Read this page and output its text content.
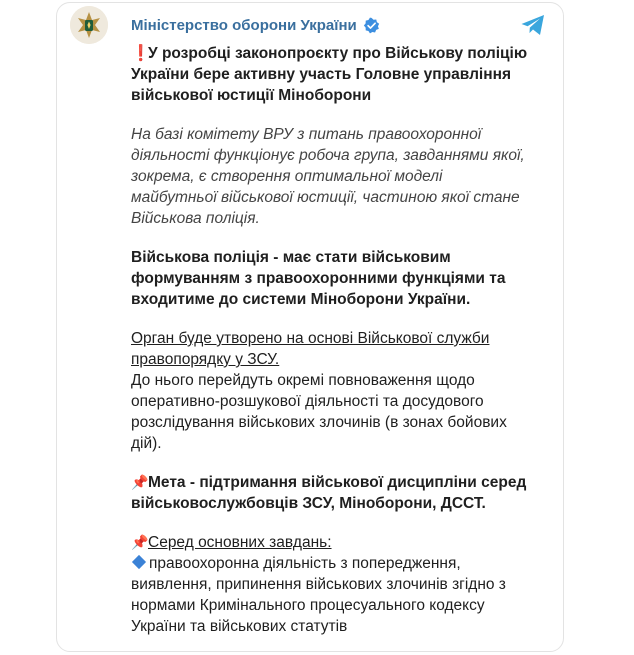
Міністерство оборони України

❗У розробці законопроєкту про Військову поліцію України бере активну участь Головне управління військової юстиції Міноборони

На базі комітету ВРУ з питань правоохоронної діяльності функціонує робоча група, завданнями якої, зокрема, є створення оптимальної моделі майбутньої військової юстиції, частиною якої стане Військова поліція.

Військова поліція - має стати військовим формуванням з правоохоронними функціями та входитиме до системи Міноборони України.

Орган буде утворено на основі Військової служби правопорядку у ЗСУ.
До нього перейдуть окремі повноваження щодо оперативно-розшукової діяльності та досудового розслідування військових злочинів (в зонах бойових дій).

📌Мета - підтримання військової дисципліни серед військовослужбовців ЗСУ, Міноборони, ДССТ.

📌Серед основних завдань:
правоохоронна діяльність з попередження, виявлення, припинення військових злочинів згідно з нормами Кримінального процесуального кодексу України та військових статутів
